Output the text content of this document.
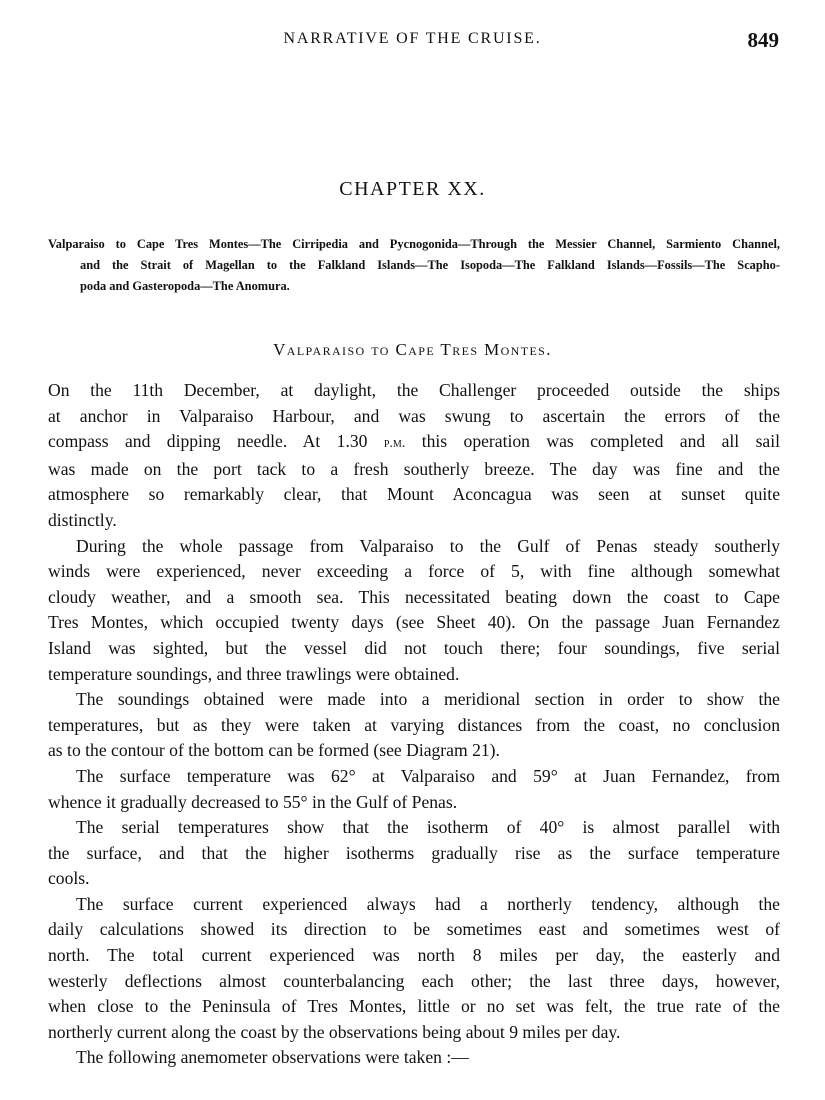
NARRATIVE OF THE CRUISE.	849
CHAPTER XX.
Valparaiso to Cape Tres Montes—The Cirripedia and Pycnogonida—Through the Messier Channel, Sarmiento Channel,
and the Strait of Magellan to the Falkland Islands—The Isopoda—The Falkland Islands—Fossils—The Scapho-
poda and Gasteropoda—The Anomura.
Valparaiso to Cape Tres Montes.
On the 11th December, at daylight, the Challenger proceeded outside the ships
at anchor in Valparaiso Harbour, and was swung to ascertain the errors of the
compass and dipping needle. At 1.30 p.m. this operation was completed and all sail
was made on the port tack to a fresh southerly breeze. The day was fine and the
atmosphere so remarkably clear, that Mount Aconcagua was seen at sunset quite
distinctly.
During the whole passage from Valparaiso to the Gulf of Penas steady southerly
winds were experienced, never exceeding a force of 5, with fine although somewhat
cloudy weather, and a smooth sea. This necessitated beating down the coast to Cape
Tres Montes, which occupied twenty days (see Sheet 40). On the passage Juan Fernandez
Island was sighted, but the vessel did not touch there; four soundings, five serial
temperature soundings, and three trawlings were obtained.
The soundings obtained were made into a meridional section in order to show the
temperatures, but as they were taken at varying distances from the coast, no conclusion
as to the contour of the bottom can be formed (see Diagram 21).
The surface temperature was 62° at Valparaiso and 59° at Juan Fernandez, from
whence it gradually decreased to 55° in the Gulf of Penas.
The serial temperatures show that the isotherm of 40° is almost parallel with
the surface, and that the higher isotherms gradually rise as the surface temperature
cools.
The surface current experienced always had a northerly tendency, although the
daily calculations showed its direction to be sometimes east and sometimes west of
north. The total current experienced was north 8 miles per day, the easterly and
westerly deflections almost counterbalancing each other; the last three days, however,
when close to the Peninsula of Tres Montes, little or no set was felt, the true rate of the
northerly current along the coast by the observations being about 9 miles per day.
The following anemometer observations were taken :—
